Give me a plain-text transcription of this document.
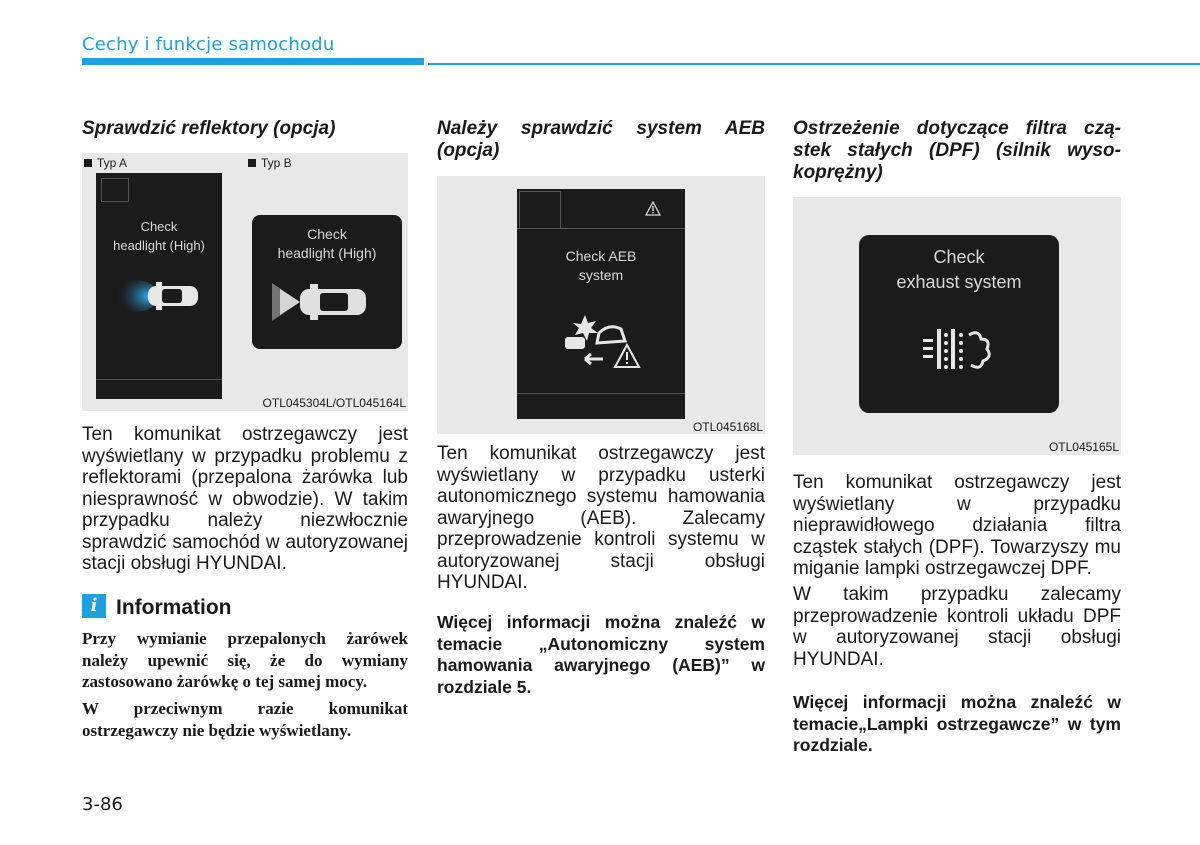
Cechy i funkcje samochodu
Sprawdzić reflektory (opcja)
Typ A	Typ B
Check
headlight (High)
Check
headlight (High)
OTL045304L/OTL045164L
Ten komunikat ostrzegawczy jest wyświetlany w przypadku problemu z reflektorami (przepalona żarówka lub niesprawność w obwodzie). W takim przypadku należy niezwłocznie sprawdzić samochód w autoryzowanej stacji obsługi HYUNDAI.
i Information
Przy wymianie przepalonych żarówek należy upewnić się, że do wymiany zastosowano żarówkę o tej samej mocy.
W przeciwnym razie komunikat ostrzegawczy nie będzie wyświetlany.
Należy sprawdzić system AEB
(opcja)
Check AEB
system
OTL045168L
Ten komunikat ostrzegawczy jest wyświetlany w przypadku usterki autonomicznego systemu hamowania awaryjnego (AEB). Zalecamy przeprowadzenie kontroli systemu w autoryzowanej stacji obsługi HYUNDAI.
Więcej informacji można znaleźć w temacie „Autonomiczny system hamowania awaryjnego (AEB)” w rozdziale 5.
Ostrzeżenie dotyczące filtra czą-
stek stałych (DPF) (silnik wyso-
koprężny)
Check
exhaust system
OTL045165L
Ten komunikat ostrzegawczy jest wyświetlany w przypadku nieprawidłowego działania filtra cząstek stałych (DPF). Towarzyszy mu miganie lampki ostrzegawczej DPF.
W takim przypadku zalecamy przeprowadzenie kontroli układu DPF w autoryzowanej stacji obsługi HYUNDAI.
Więcej informacji można znaleźć w temacie„Lampki ostrzegawcze” w tym rozdziale.
3-86
